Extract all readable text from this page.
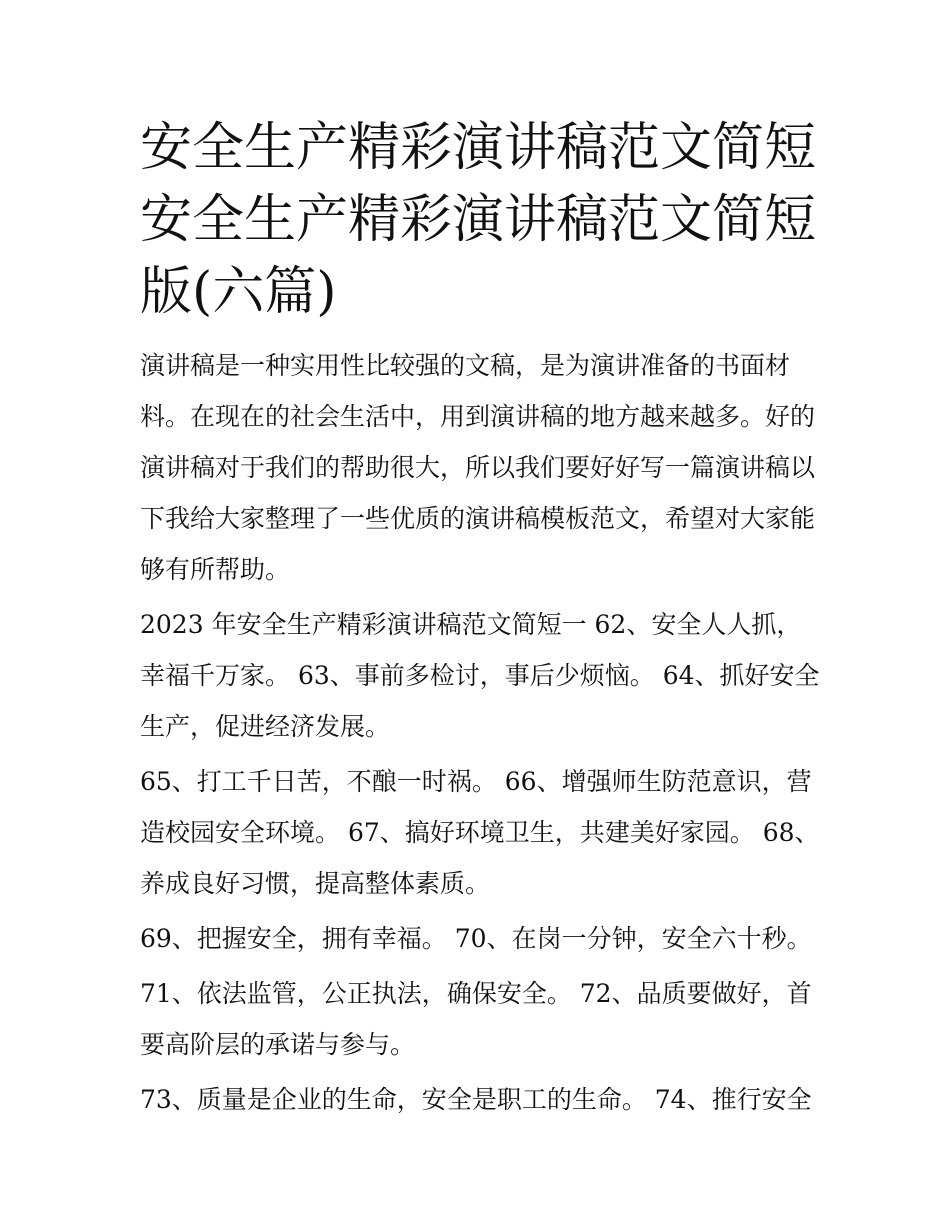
安全生产精彩演讲稿范文简短安全生产精彩演讲稿范文简短版(六篇)

演讲稿是一种实用性比较强的文稿，是为演讲准备的书面材料。在现在的社会生活中，用到演讲稿的地方越来越多。好的演讲稿对于我们的帮助很大，所以我们要好好写一篇演讲稿以下我给大家整理了一些优质的演讲稿模板范文，希望对大家能够有所帮助。

2023 年安全生产精彩演讲稿范文简短一 62、安全人人抓，幸福千万家。 63、事前多检讨，事后少烦恼。 64、抓好安全生产，促进经济发展。

65、打工千日苦，不酿一时祸。 66、增强师生防范意识，营造校园安全环境。 67、搞好环境卫生，共建美好家园。 68、养成良好习惯，提高整体素质。

69、把握安全，拥有幸福。 70、在岗一分钟，安全六十秒。

71、依法监管，公正执法，确保安全。 72、品质要做好，首要高阶层的承诺与参与。

73、质量是企业的生命，安全是职工的生命。 74、推行安全
